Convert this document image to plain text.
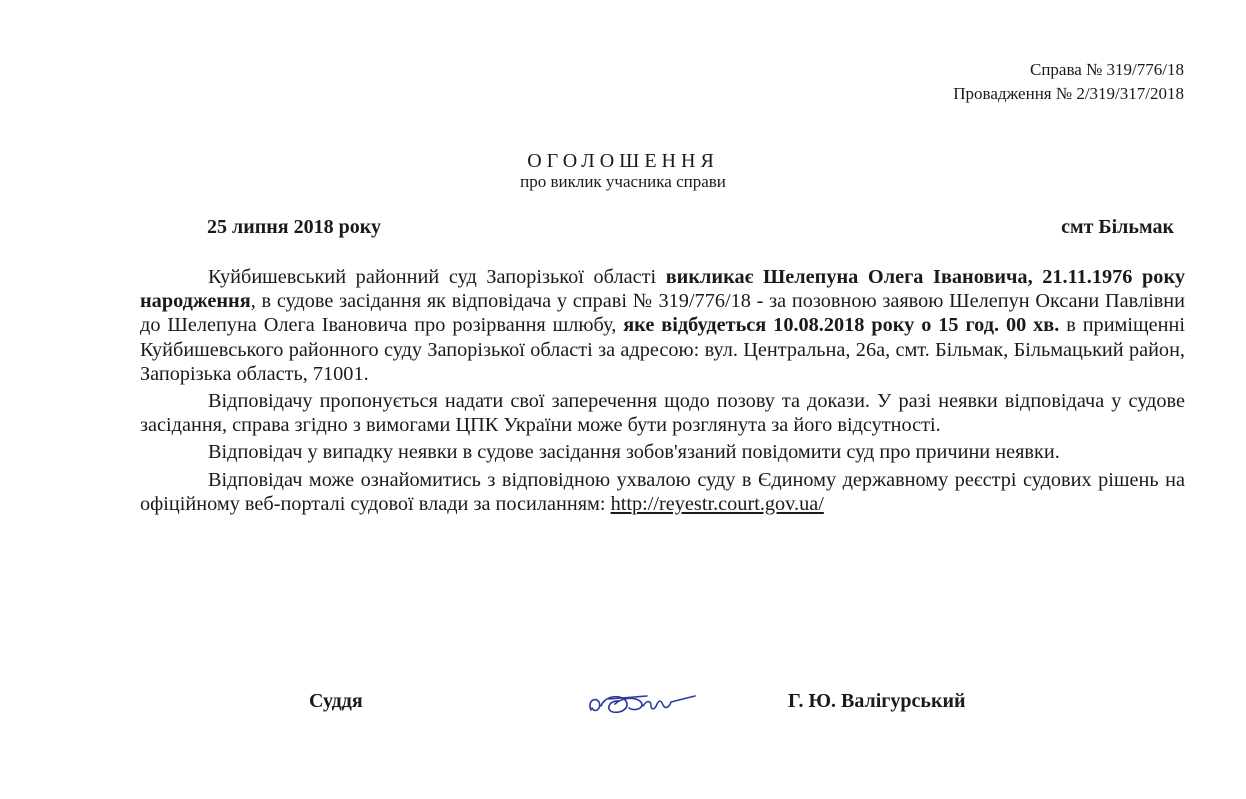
Справа № 319/776/18
Провадження № 2/319/317/2018
ОГОЛОШЕННЯ
про виклик учасника справи
25 липня 2018 року	смт Більмак

Куйбишевський районний суд Запорізької області викликає Шелепуна Олега Івановича, 21.11.1976 року народження, в судове засідання як відповідача у справі № 319/776/18 - за позовною заявою Шелепун Оксани Павлівни до Шелепуна Олега Івановича про розірвання шлюбу, яке відбудеться 10.08.2018 року о 15 год. 00 хв. в приміщенні Куйбишевського районного суду Запорізької області за адресою: вул. Центральна, 26а, смт. Більмак, Більмацький район, Запорізька область, 71001.

Відповідачу пропонується надати свої заперечення щодо позову та докази. У разі неявки відповідача у судове засідання, справа згідно з вимогами ЦПК України може бути розглянута за його відсутності.

Відповідач у випадку неявки в судове засідання зобов'язаний повідомити суд про причини неявки.

Відповідач може ознайомитись з відповідною ухвалою суду в Єдиному державному реєстрі судових рішень на офіційному веб-порталі судової влади за посиланням: http://reyestr.court.gov.ua/

Суддя	Г. Ю. Валігурський
